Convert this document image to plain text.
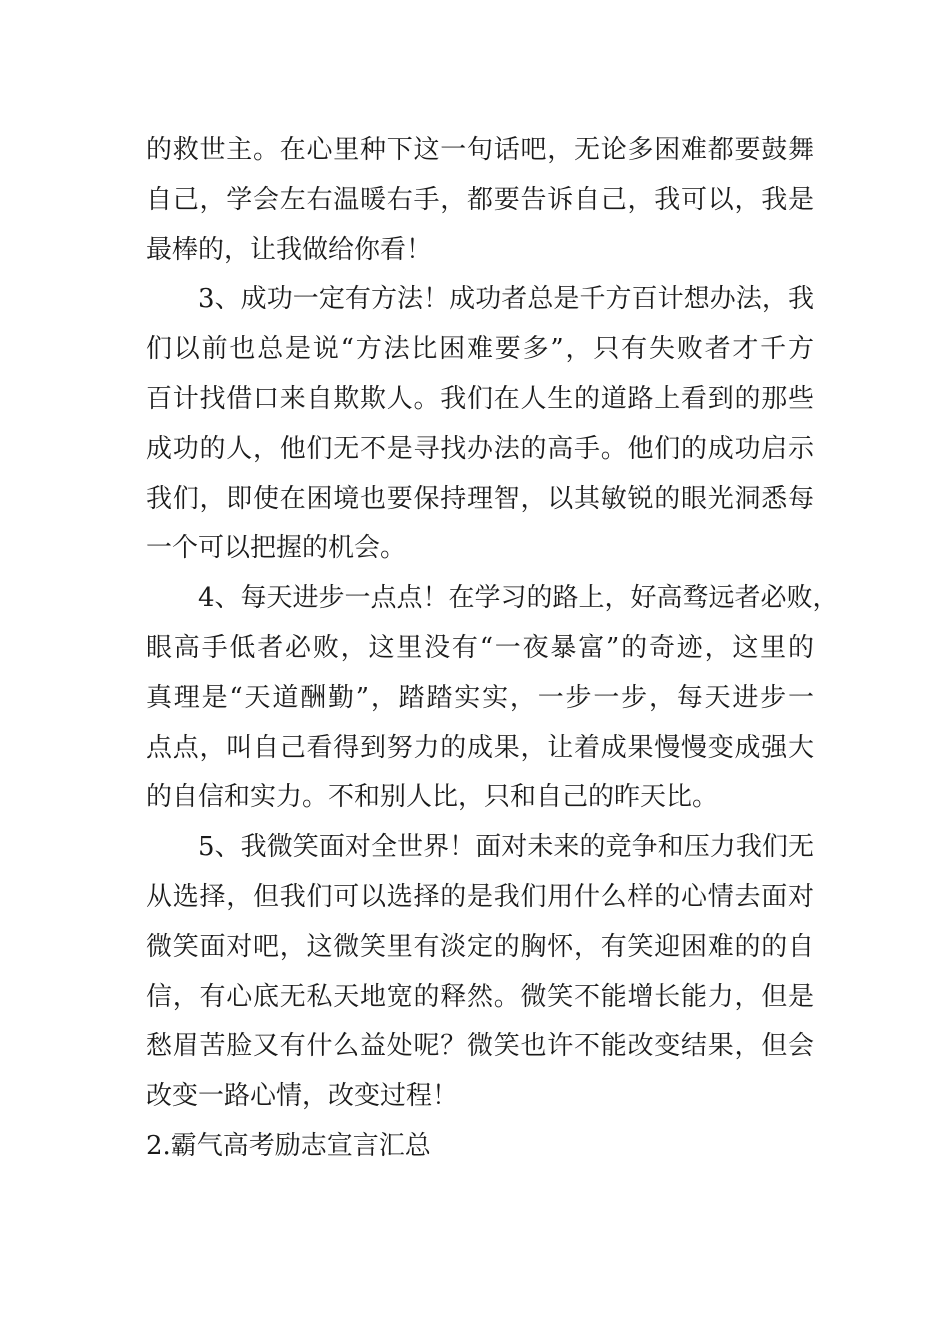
的救世主。在心里种下这一句话吧，无论多困难都要鼓舞
自己，学会左右温暖右手，都要告诉自己，我可以，我是
最棒的，让我做给你看！
3、成功一定有方法！成功者总是千方百计想办法，我
们以前也总是说“方法比困难要多”，只有失败者才千方
百计找借口来自欺欺人。我们在人生的道路上看到的那些
成功的人，他们无不是寻找办法的高手。他们的成功启示
我们，即使在困境也要保持理智，以其敏锐的眼光洞悉每
一个可以把握的机会。
4、每天进步一点点！在学习的路上，好高骛远者必败，
眼高手低者必败，这里没有“一夜暴富”的奇迹，这里的
真理是“天道酬勤”，踏踏实实，一步一步，每天进步一
点点，叫自己看得到努力的成果，让着成果慢慢变成强大
的自信和实力。不和别人比，只和自己的昨天比。
5、我微笑面对全世界！面对未来的竞争和压力我们无
从选择，但我们可以选择的是我们用什么样的心情去面对
微笑面对吧，这微笑里有淡定的胸怀，有笑迎困难的的自
信，有心底无私天地宽的释然。微笑不能增长能力，但是
愁眉苦脸又有什么益处呢？微笑也许不能改变结果，但会
改变一路心情，改变过程！
2.霸气高考励志宣言汇总
